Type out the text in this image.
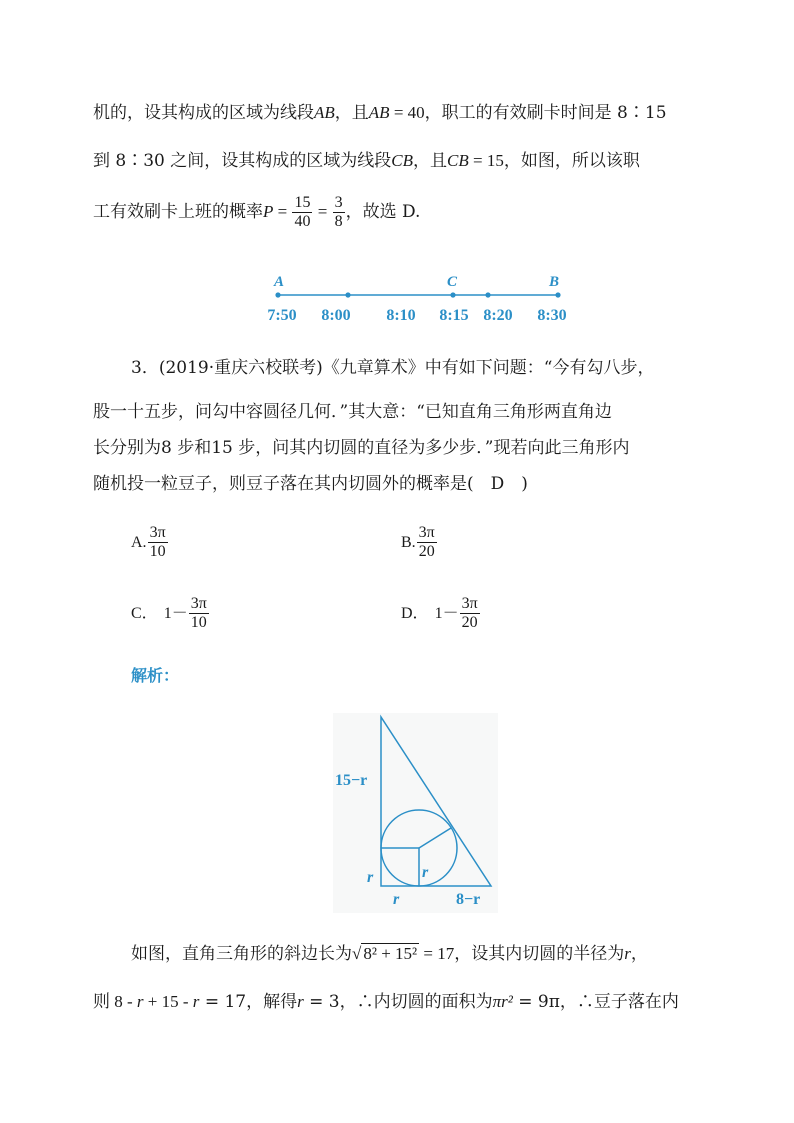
机的，设其构成的区域为线段AB，且AB = 40，职工的有效刷卡时间是 8∶15
到 8∶30 之间，设其构成的区域为线段CB，且CB = 15，如图，所以该职
工有效刷卡上班的概率$P = \frac{15}{40} = \frac{3}{8}$ ，故选 D.
A	C	B
7:50 8:00 8:10 8:15 8:20 8:30
3．(2019·重庆六校联考)《九章算术》中有如下问题：“今有勾八步，
股一十五步，问勾中容圆径几何．”其大意：“已知直角三角形两直角边
长分别为8 步和15 步，问其内切圆的直径为多少步．”现若向此三角形内
随机投一粒豆子，则豆子落在其内切圆外的概率是(　D　)
A. $\frac{3\pi}{10}$	B. $\frac{3\pi}{20}$
C． $1- \frac{3\pi}{10}$	D． $1- \frac{3\pi}{20}$
解析：
15−r
r	r
r	8−r
如图，直角三角形的斜边长为√ 8² + 15² = 17，设其内切圆的半径为r，
则 8 - r + 15 - r = 17，解得r = 3，∴内切圆的面积为πr² = 9π，∴豆子落在内
